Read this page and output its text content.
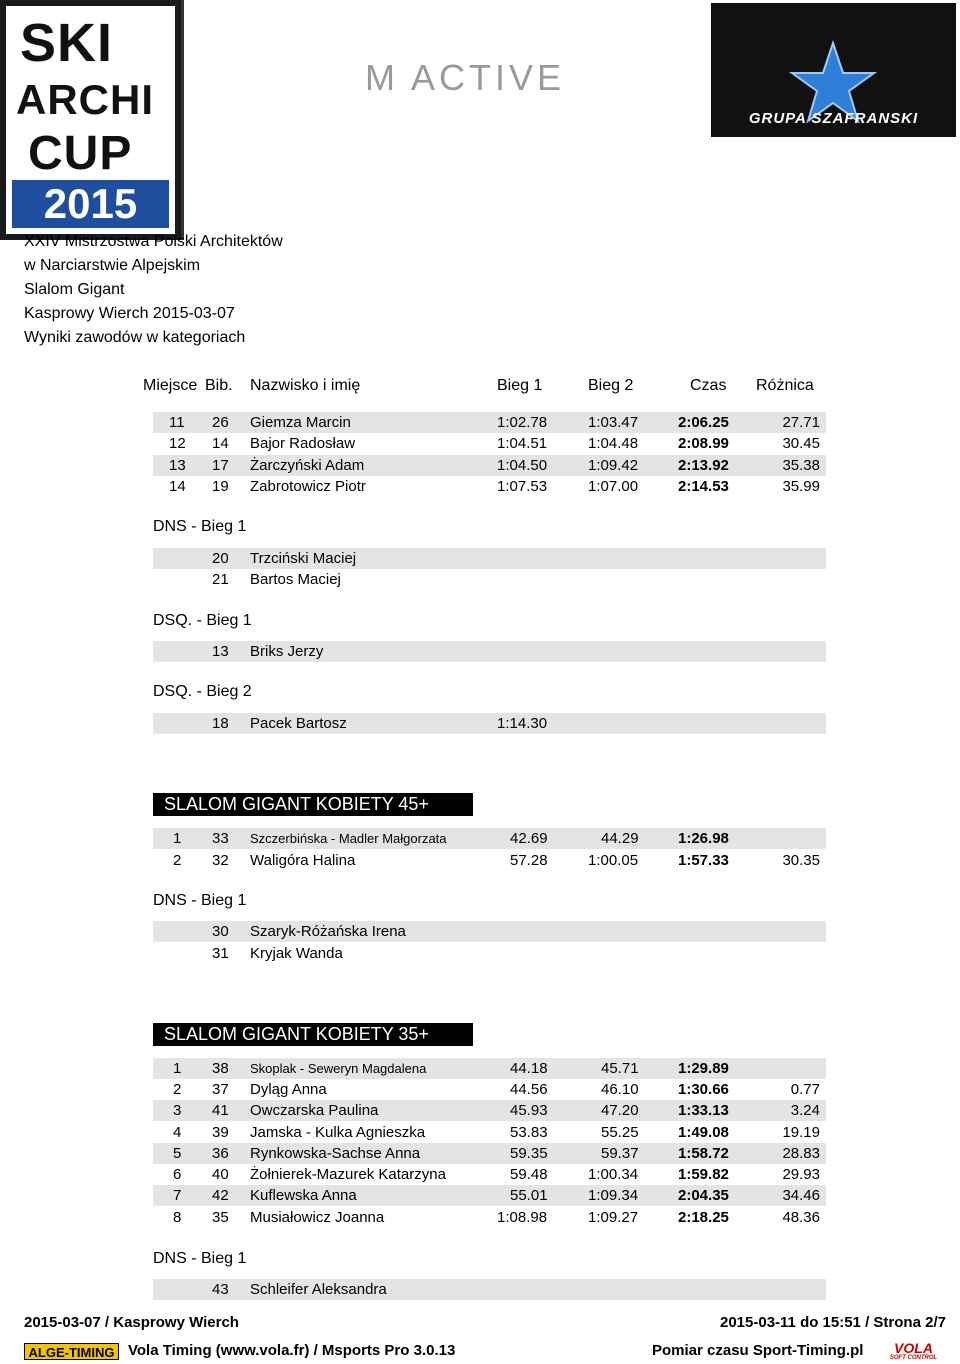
SKI
ARCHI
CUP
2015
M ACTIVE
GRUPA SZAFRANSKI
XXIV Mistrzostwa Polski Architektów
w Narciarstwie Alpejskim
Slalom Gigant
Kasprowy Wierch 2015-03-07
Wyniki zawodów w kategoriach
Miejsce Bib. Nazwisko i imię	Bieg 1	Bieg 2	Czas Różnica
11 26 Giemza Marcin	1:02.78	1:03.47	2:06.25	27.71
12 14 Bajor Radosław	1:04.51	1:04.48	2:08.99	30.45
13 17 Żarczyński Adam	1:04.50	1:09.42	2:13.92	35.38
14 19 Zabrotowicz Piotr	1:07.53	1:07.00	2:14.53	35.99
DNS - Bieg 1
20 Trzciński Maciej
21 Bartos Maciej
DSQ. - Bieg 1
13 Briks Jerzy
DSQ. - Bieg 2
18 Pacek Bartosz	1:14.30
SLALOM GIGANT KOBIETY 45+
1 33 Szczerbińska - Madler Małgorzata	42.69	44.29	1:26.98
2 32 Waligóra Halina	57.28	1:00.05	1:57.33	30.35
DNS - Bieg 1
30 Szaryk-Różańska Irena
31 Kryjak Wanda
SLALOM GIGANT KOBIETY 35+
1 38 Skoplak - Seweryn Magdalena	44.18	45.71	1:29.89
2 37 Dyląg Anna	44.56	46.10	1:30.66	0.77
3 41 Owczarska Paulina	45.93	47.20	1:33.13	3.24
4 39 Jamska - Kulka Agnieszka	53.83	55.25	1:49.08	19.19
5 36 Rynkowska-Sachse Anna	59.35	59.37	1:58.72	28.83
6 40 Żołnierek-Mazurek Katarzyna	59.48	1:00.34	1:59.82	29.93
7 42 Kuflewska Anna	55.01	1:09.34	2:04.35	34.46
8 35 Musiałowicz Joanna	1:08.98	1:09.27	2:18.25	48.36
DNS - Bieg 1
43 Schleifer Aleksandra
2015-03-07 / Kasprowy Wierch	2015-03-11 do 15:51 / Strona 2/7
ALGE-TIMING Vola Timing (www.vola.fr) / Msports Pro 3.0.13	Pomiar czasu Sport-Timing.pl	VOLA
SOFT CONTROL
